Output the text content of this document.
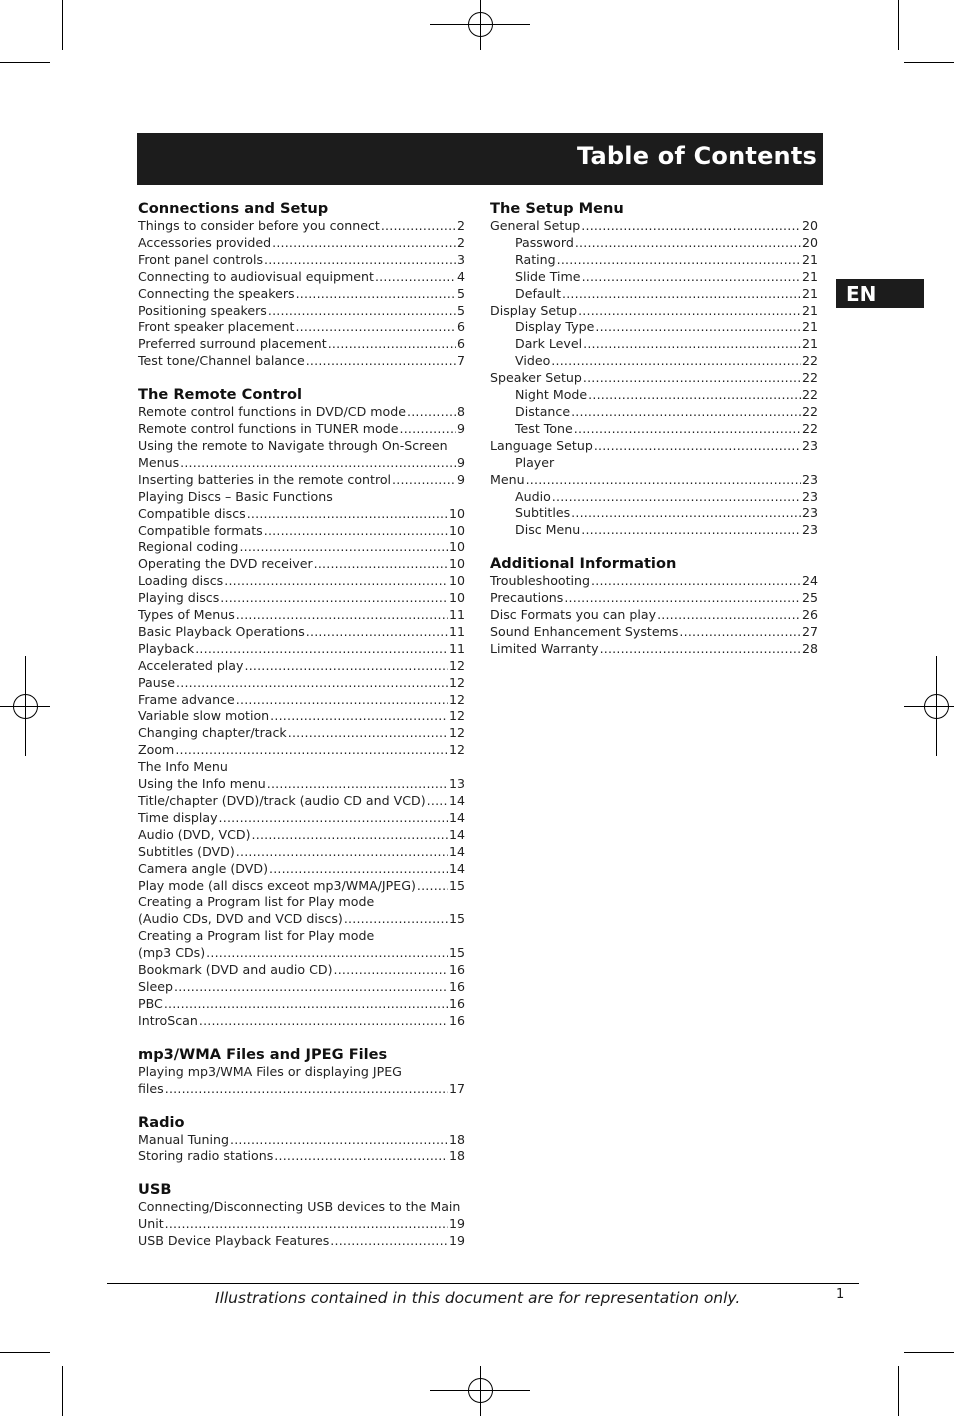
Table of Contents
EN
Connections and Setup
Things to consider before you connect .....	2
Accessories provided .....	2
Front panel controls .....	3
Connecting to audiovisual equipment .....	4
Connecting the speakers .....	5
Positioning speakers .....	5
Front speaker placement .....	6
Preferred surround placement .....	6
Test tone/Channel balance .....	7
The Remote Control
Remote control functions in DVD/CD mode .....	8
Remote control functions in TUNER mode .....	9
Using the remote to Navigate through On-Screen
Menus .....	9
Inserting batteries in the remote control .....	9
Playing Discs – Basic Functions
Compatible discs .....	10
Compatible formats .....	10
Regional coding .....	10
Operating the DVD receiver .....	10
Loading discs .....	10
Playing discs .....	10
Types of Menus .....	11
Basic Playback Operations .....	11
Playback .....	11
Accelerated play .....	12
Pause .....	12
Frame advance .....	12
Variable slow motion .....	12
Changing chapter/track .....	12
Zoom .....	12
The Info Menu
Using the Info menu .....	13
Title/chapter (DVD)/track (audio CD and VCD) ..... 14
Time display .....	14
Audio (DVD, VCD) .....	14
Subtitles (DVD) .....	14
Camera angle (DVD) .....	14
Play mode (all discs exceot mp3/WMA/JPEG) .....	15
Creating a Program list for Play mode
(Audio CDs, DVD and VCD discs) .....	15
Creating a Program list for Play mode
(mp3 CDs) .....	15
Bookmark (DVD and audio CD) .....	16
Sleep .....	16
PBC .....	16
IntroScan .....	16
mp3/WMA Files and JPEG Files
Playing mp3/WMA Files or displaying JPEG
files .....	17
Radio
Manual Tuning .....	18
Storing radio stations .....	18
USB
Connecting/Disconnecting USB devices to the Main
Unit .....	19
USB Device Playback Features .....	19
The Setup Menu
General Setup .....	20
Password .....	20
Rating .....	21
Slide Time .....	21
Default .....	21
Display Setup .....	21
Display Type .....	21
Dark Level .....	21
Video .....	22
Speaker Setup .....	22
Night Mode .....	22
Distance .....	22
Test Tone .....	22
Language Setup .....	23
Player
Menu .....	23
Audio .....	23
Subtitles .....	23
Disc Menu .....	23
Additional Information
Troubleshooting .....	24
Precautions .....	25
Disc Formats you can play .....	26
Sound Enhancement Systems .....	27
Limited Warranty .....	28
Illustrations contained in this document are for representation only.	1
